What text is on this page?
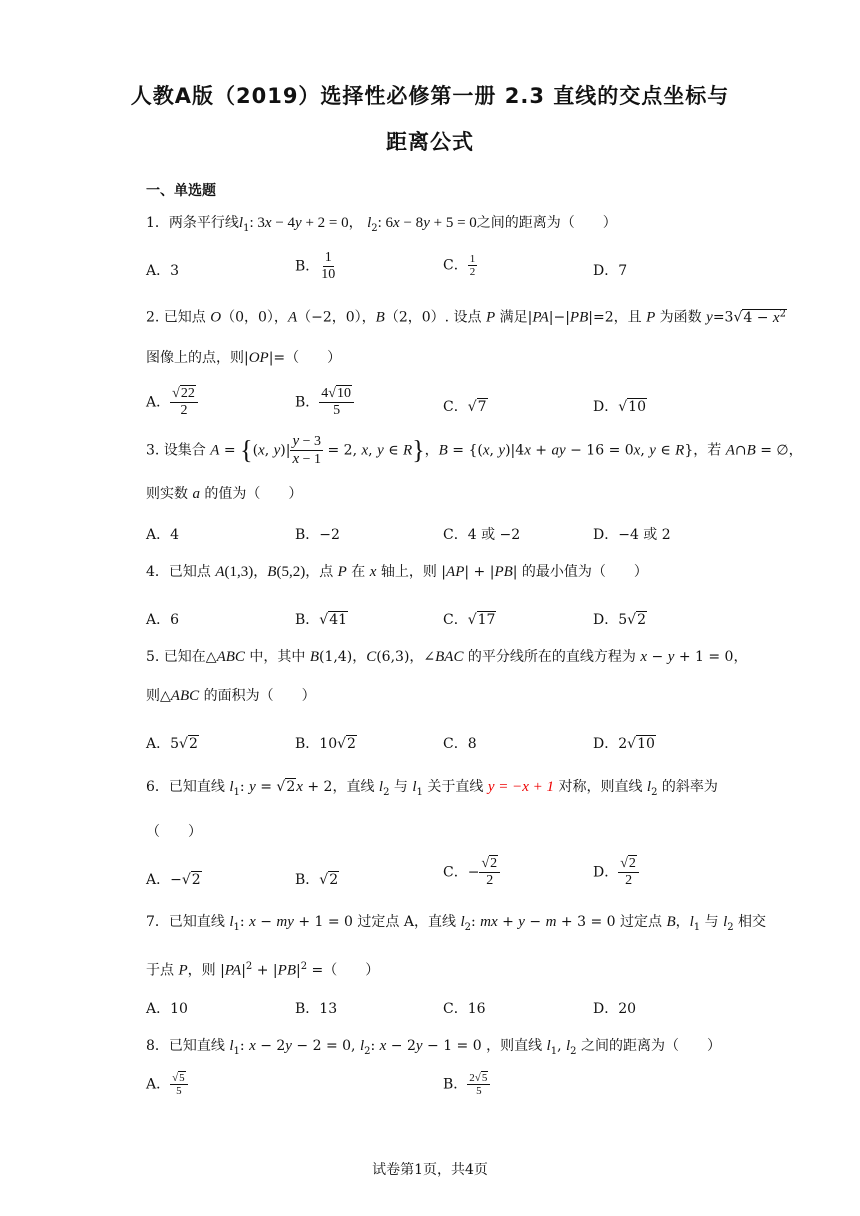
人教A版（2019）选择性必修第一册 2.3 直线的交点坐标与
距离公式
一、单选题
1．两条平行线$l_1$: 3x − 4y + 2 = 0， $l_2$: 6x − 8y + 5 = 0之间的距离为（　　）
A．3	B． $\frac{1}{10}$	C． $\frac{1}{2}$	D．7
2. 已知点 O（0，0），A（−2，0），B（2，0）. 设点 P 满足|PA|−|PB|=2，且 P 为函数 $y=3√4 - x^2$
图像上的点，则|OP|=（　　）
A． $\frac{√22}{2}$	B． $\frac{4√10}{5}$	C．√7	D．√10
3. 设集合 A = {(x, $y)| \frac{y - 3}{x - 1} = 2$, x, y ∈ R}，B = {(x, y)|4x + ay − 16 = 0x, y ∈ R}，若 A∩B = ∅，
则实数 a 的值为（　　）
A．4	B．−2	C．4 或 −2	D．−4 或 2
4．已知点 A(1,3)，B(5,2)，点 P 在 x 轴上，则 |AP| + |PB| 的最小值为（　　）
A．6	B．√41	C．√17	D．5√2
5. 已知在△ABC 中，其中 B(1,4)，C(6,3)，∠BAC 的平分线所在的直线方程为 x − y + 1 = 0，
则△ABC 的面积为（　　）
A．5√2	B．10√2	C．8	D．2√10
6．已知直线 $l_1$: y = √2x + 2，直线 $l_2$ 与 $l_1$ 关于直线 y = −x + 1 对称，则直线 $l_2$ 的斜率为
（　　）
A．−√2	B．√2	C．− $\frac{√2}{2}$	D． $\frac{√2}{2}$
7．已知直线 $l_1$: x − my + 1 = 0 过定点 A，直线 $l_2$: mx + y − m + 3 = 0 过定点 B，$l_1$ 与 $l_2$ 相交
于点 P，则 $|PA|^2 + |PB|^2$ =（　　）
A．10	B．13	C．16	D．20
8．已知直线 $l_1$: x − 2y − 2 = 0, $l_2$: x − 2y − 1 = 0 ，则直线 $l_1$, $l_2$ 之间的距离为（　　）
A． $\frac{√5}{5}$	B． $\frac{2√5}{5}$
试卷第1页，共4页
